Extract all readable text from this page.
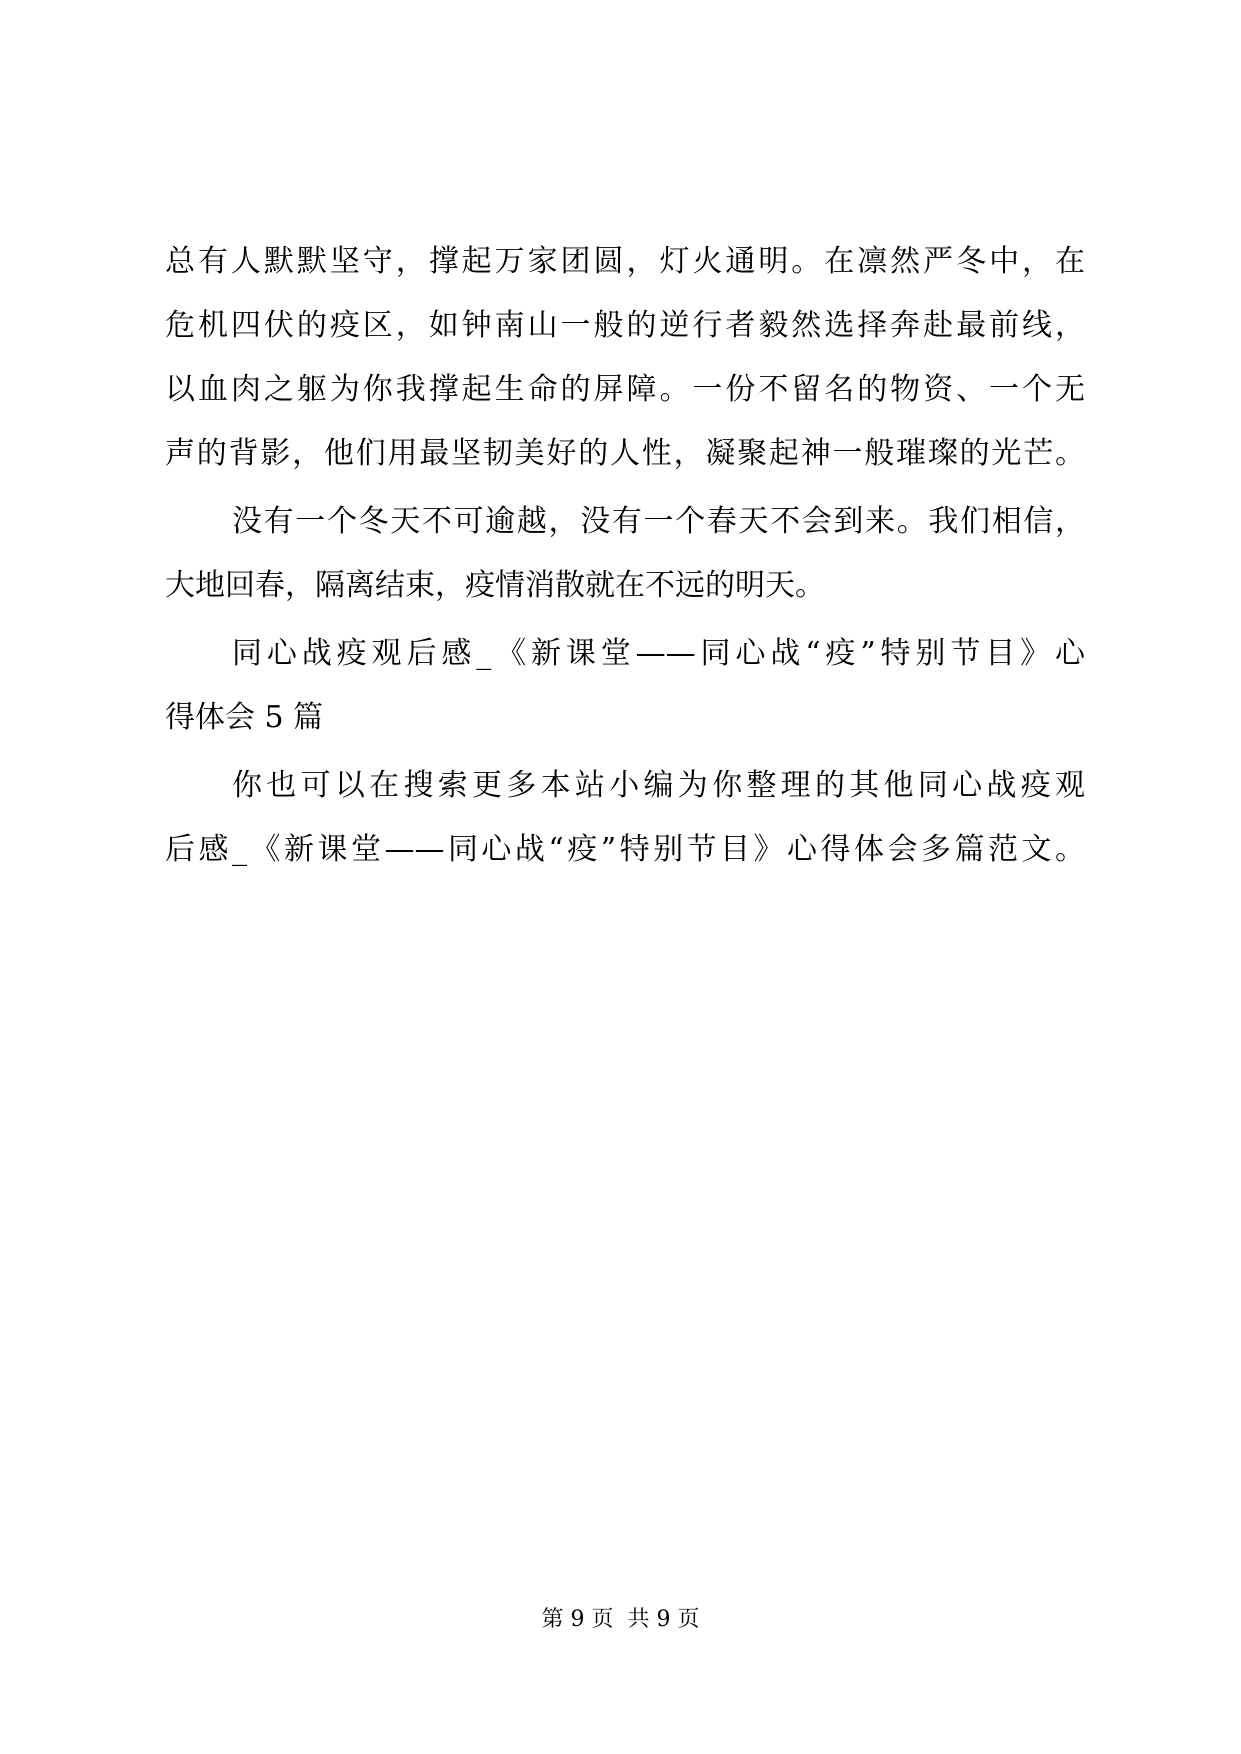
总有人默默坚守，撑起万家团圆，灯火通明。在凛然严冬中，在
危机四伏的疫区，如钟南山一般的逆行者毅然选择奔赴最前线，
以血肉之躯为你我撑起生命的屏障。一份不留名的物资、一个无
声的背影，他们用最坚韧美好的人性，凝聚起神一般璀璨的光芒。
没有一个冬天不可逾越，没有一个春天不会到来。我们相信，
大地回春，隔离结束，疫情消散就在不远的明天。
同心战疫观后感_《新课堂——同心战“疫”特别节目》心
得体会 5 篇
你也可以在搜索更多本站小编为你整理的其他同心战疫观
后感_《新课堂——同心战“疫”特别节目》心得体会多篇范文。
第 9 页  共 9 页
